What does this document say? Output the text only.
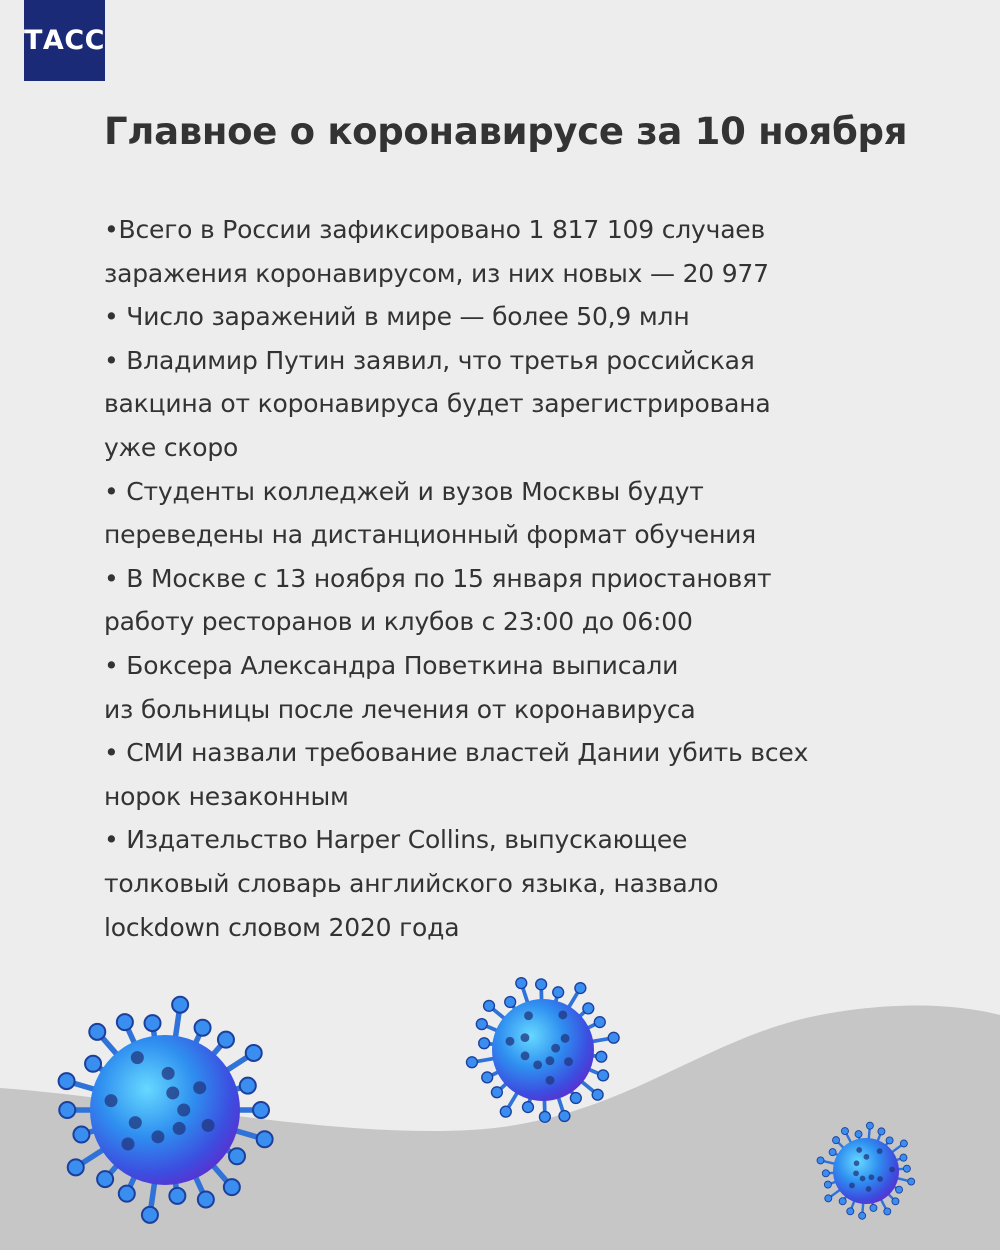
ТАСС
Главное о коронавирусе за 10 ноября
•Всего в России зафиксировано 1 817 109 случаев
заражения коронавирусом, из них новых — 20 977
• Число заражений в мире — более 50,9 млн
• Владимир Путин заявил, что третья российская
вакцина от коронавируса будет зарегистрирована
уже скоро
• Студенты колледжей и вузов Москвы будут
переведены на дистанционный формат обучения
• В Москве с 13 ноября по 15 января приостановят
работу ресторанов и клубов с 23:00 до 06:00
• Боксера Александра Поветкина выписали
из больницы после лечения от коронавируса
• СМИ назвали требование властей Дании убить всех
норок незаконным
• Издательство Harper Collins, выпускающее
толковый словарь английского языка, назвало
lockdown словом 2020 года
